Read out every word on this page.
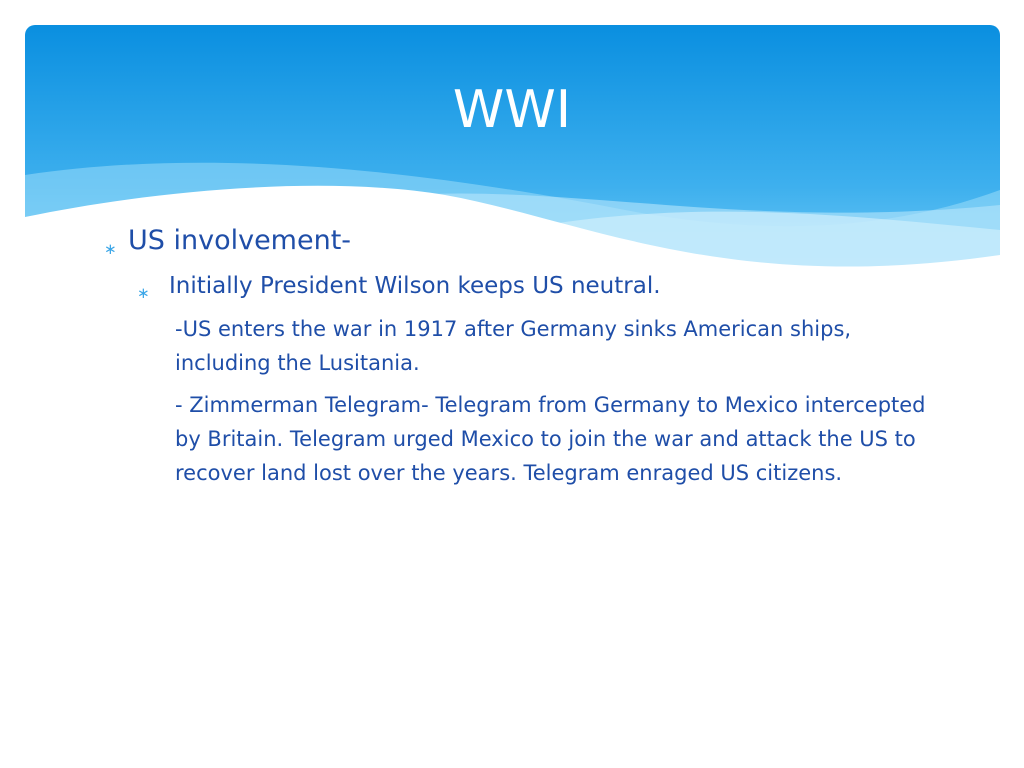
WWI
∗ US involvement-
∗ Initially President Wilson keeps US neutral.

-US enters the war in 1917 after Germany sinks American ships, including the Lusitania.

- Zimmerman Telegram- Telegram from Germany to Mexico intercepted by Britain. Telegram urged Mexico to join the war and attack the US to recover land lost over the years. Telegram enraged US citizens.
